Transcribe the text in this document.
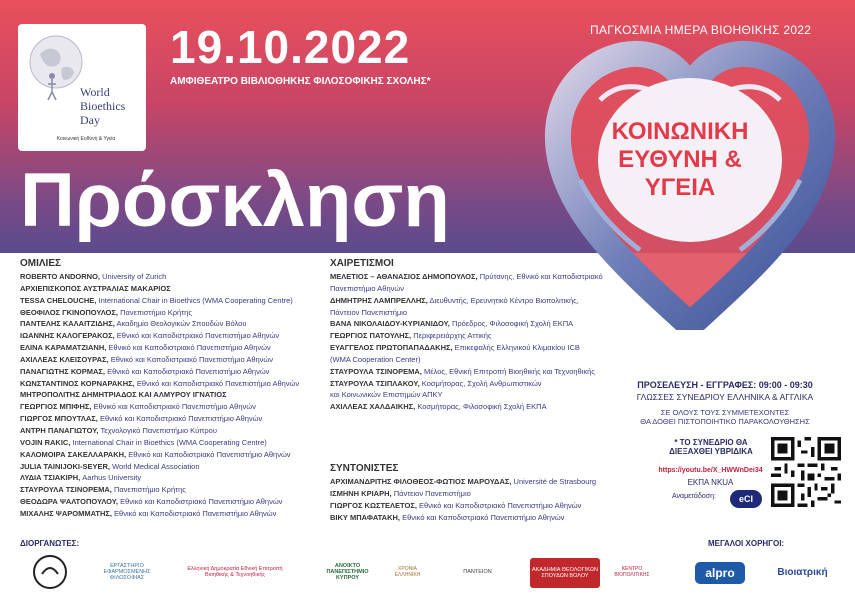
World
Bioethics
Day
Κοινωνική Ευθύνη & Υγεία
19.10.2022
ΑΜΦΙΘΕΑΤΡΟ ΒΙΒΛΙΟΘΗΚΗΣ ΦΙΛΟΣΟΦΙΚΗΣ ΣΧΟΛΗΣ*
Πρόσκληση
ΠΑΓΚΟΣΜΙΑ ΗΜΕΡΑ ΒΙΟΗΘΙΚΗΣ 2022
ΚΟΙΝΩΝΙΚΗ
ΕΥΘΥΝΗ &
ΥΓΕΙΑ
ΟΜΙΛΙΕΣ
ROBERTO ANDORNO, University of Zurich
ΑΡΧΙΕΠΙΣΚΟΠΟΣ ΑΥΣΤΡΑΛΙΑΣ ΜΑΚΑΡΙΟΣ
TESSA CHELOUCHE, International Chair in Bioethics (WMA Cooperating Centre)
ΘΕΟΦΙΛΟΣ ΓΚΙΝΟΠΟΥΛΟΣ, Πανεπιστήμιο Κρήτης
ΠΑΝΤΕΛΗΣ ΚΑΛΑΙΤΖΙΔΗΣ, Ακαδημία Θεολογικών Σπουδών Βόλου
ΙΩΑΝΝΗΣ ΚΑΛΟΓΕΡΑΚΟΣ, Εθνικό και Καποδιστριακό Πανεπιστήμιο Αθηνών
ΕΛΙΝΑ ΚΑΡΑΜΑΤΖΙΑΝΗ, Εθνικό και Καποδιστριακό Πανεπιστήμιο Αθηνών
ΑΧΙΛΛΕΑΣ ΚΛΕΙΣΟΥΡΑΣ, Εθνικό και Καποδιστριακό Πανεπιστήμιο Αθηνών
ΠΑΝΑΓΙΩΤΗΣ ΚΟΡΜΑΣ, Εθνικό και Καποδιστριακό Πανεπιστήμιο Αθηνών
ΚΩΝΣΤΑΝΤΙΝΟΣ ΚΟΡΝΑΡΑΚΗΣ, Εθνικό και Καποδιστριακό Πανεπιστήμιο Αθηνών
ΜΗΤΡΟΠΟΛΙΤΗΣ ΔΗΜΗΤΡΙΑΔΟΣ ΚΑΙ ΑΛΜΥΡΟΥ ΙΓΝΑΤΙΟΣ
ΓΕΩΡΓΙΟΣ ΜΠΙΦΗΣ, Εθνικό και Καποδιστριακό Πανεπιστήμιο Αθηνών
ΓΙΩΡΓΟΣ ΜΠΟΥΤΛΑΣ, Εθνικό και Καποδιστριακό Πανεπιστήμιο Αθηνών
ΑΝΤΡΗ ΠΑΝΑΓΙΩΤΟΥ, Τεχνολογικό Πανεπιστήμιο Κύπρου
VOJIN RAKIC, International Chair in Bioethics (WMA Cooperating Centre)
ΚΑΛΟΜΟΙΡΑ ΣΑΚΕΛΛΑΡΑΚΗ, Εθνικό και Καποδιστριακό Πανεπιστήμιο Αθηνών
JULIA TAINIJOKI-SEYER, World Medical Association
ΛΥΔΙΑ ΤΣΙΑΚΙΡΗ, Aarhus University
ΣΤΑΥΡΟΥΛΑ ΤΣΙΝΟΡΕΜΑ, Πανεπιστήμιο Κρήτης
ΘΕΟΔΩΡΑ ΨΑΛΤΟΠΟΥΛΟΥ, Εθνικό και Καποδιστριακό Πανεπιστήμιο Αθηνών
ΜΙΧΑΛΗΣ ΨΑΡΟΜΜΑΤΗΣ, Εθνικό και Καποδιστριακό Πανεπιστήμιο Αθηνών
ΧΑΙΡΕΤΙΣΜΟΙ
ΜΕΛΕΤΙΟΣ – ΑΘΑΝΑΣΙΟΣ ΔΗΜΟΠΟΥΛΟΣ, Πρύτανης, Εθνικό και Καποδιστριακό
Πανεπιστήμιο Αθηνών
ΔΗΜΗΤΡΗΣ ΛΑΜΠΡΕΛΛΗΣ, Διευθυντής, Ερευνητικό Κέντρο Βιοπολιτικής,
Πάντειον Πανεπιστήμιο
ΒΑΝΑ ΝΙΚΟΛΑΙΔΟΥ-ΚΥΡΙΑΝΙΔΟΥ, Πρόεδρος, Φιλοσοφική Σχολή ΕΚΠΑ
ΓΕΩΡΓΙΟΣ ΠΑΤΟΥΛΗΣ, Περιφερειάρχης Αττικής
ΕΥΑΓΓΕΛΟΣ ΠΡΩΤΟΠΑΠΑΔΑΚΗΣ, Επικεφαλής Ελληνικού Κλιμακίου ICB
(WMA Cooperation Center)
ΣΤΑΥΡΟΥΛΑ ΤΣΙΝΟΡΕΜΑ, Μέλος, Εθνική Επιτροπή Βιοηθικής και Τεχνοηθικής
ΣΤΑΥΡΟΥΛΑ ΤΣΙΠΛΑΚΟΥ, Κοσμήτορας, Σχολή Ανθρωπιστικών
και Κοινωνικών Επιστημών ΑΠΚΥ
ΑΧΙΛΛΕΑΣ ΧΑΛΔΑΙΚΗΣ, Κοσμήτορας, Φιλοσοφική Σχολή ΕΚΠΑ
ΣΥΝΤΟΝΙΣΤΕΣ
ΑΡΧΙΜΑΝΔΡΙΤΗΣ ΦΙΛΟΘΕΟΣ-ΦΩΤΙΟΣ ΜΑΡΟΥΔΑΣ, Université de Strasbourg
ΙΣΜΗΝΗ ΚΡΙΑΡΗ, Πάντειον Πανεπιστήμιο
ΓΙΩΡΓΟΣ ΚΩΣΤΕΛΕΤΟΣ, Εθνικό και Καποδιστριακό Πανεπιστήμιο Αθηνών
ΒΙΚΥ ΜΠΑΦΑΤΑΚΗ, Εθνικό και Καποδιστριακό Πανεπιστήμιο Αθηνών
ΠΡΟΣΕΛΕΥΣΗ - ΕΓΓΡΑΦΕΣ: 09:00 - 09:30
ΓΛΩΣΣΕΣ ΣΥΝΕΔΡΙΟΥ ΕΛΛΗΝΙΚΑ & ΑΓΓΛΙΚΑ
ΣΕ ΟΛΟΥΣ ΤΟΥΣ ΣΥΜΜΕΤΕΧΟΝΤΕΣ
ΘΑ ΔΟΘΕΙ ΠΙΣΤΟΠΟΙΗΤΙΚΟ ΠΑΡΑΚΟΛΟΥΘΗΣΗΣ
* ΤΟ ΣΥΝΕΔΡΙΟ ΘΑ ΔΙΕΞΑΧΘΕΙ ΥΒΡΙΔΙΚΑ
https://youtu.be/X_HWWnDei34
ΕΚΠΑ ΝΚUA
Αναμετάδοση:	eCI
ΔΙΟΡΓΑΝΩΤΕΣ:	ΜΕΓΑΛΟΙ ΧΟΡΗΓΟΙ:
ΕΡΓΑΣΤΗΡΙΟ ΕΦΑΡΜΟΣΜΕΝΗΣ ΦΙΛΟΣΟΦΙΑΣ
Ελληνική Δημοκρατία Εθνική Επιτροπή Βιοηθικής & Τεχνοηθικής
ΑΝΟΙΚΤΟ ΠΑΝΕΠΙΣΤΗΜΙΟ ΚΥΠΡΟΥ
ΧΡΟΝΙΑ ΕΛΛΗΝΙΚΗ	ΠΑΝΤΕΙΟΝ	ΑΚΑΔΗΜΙΑ ΘΕΟΛΟΓΙΚΩΝ ΣΠΟΥΔΩΝ ΒΟΛΟΥ
ΚΕΝΤΡΟ ΒΙΟΠΟΛΙΤΙΚΗΣ	alpro	Βιοιατρική
